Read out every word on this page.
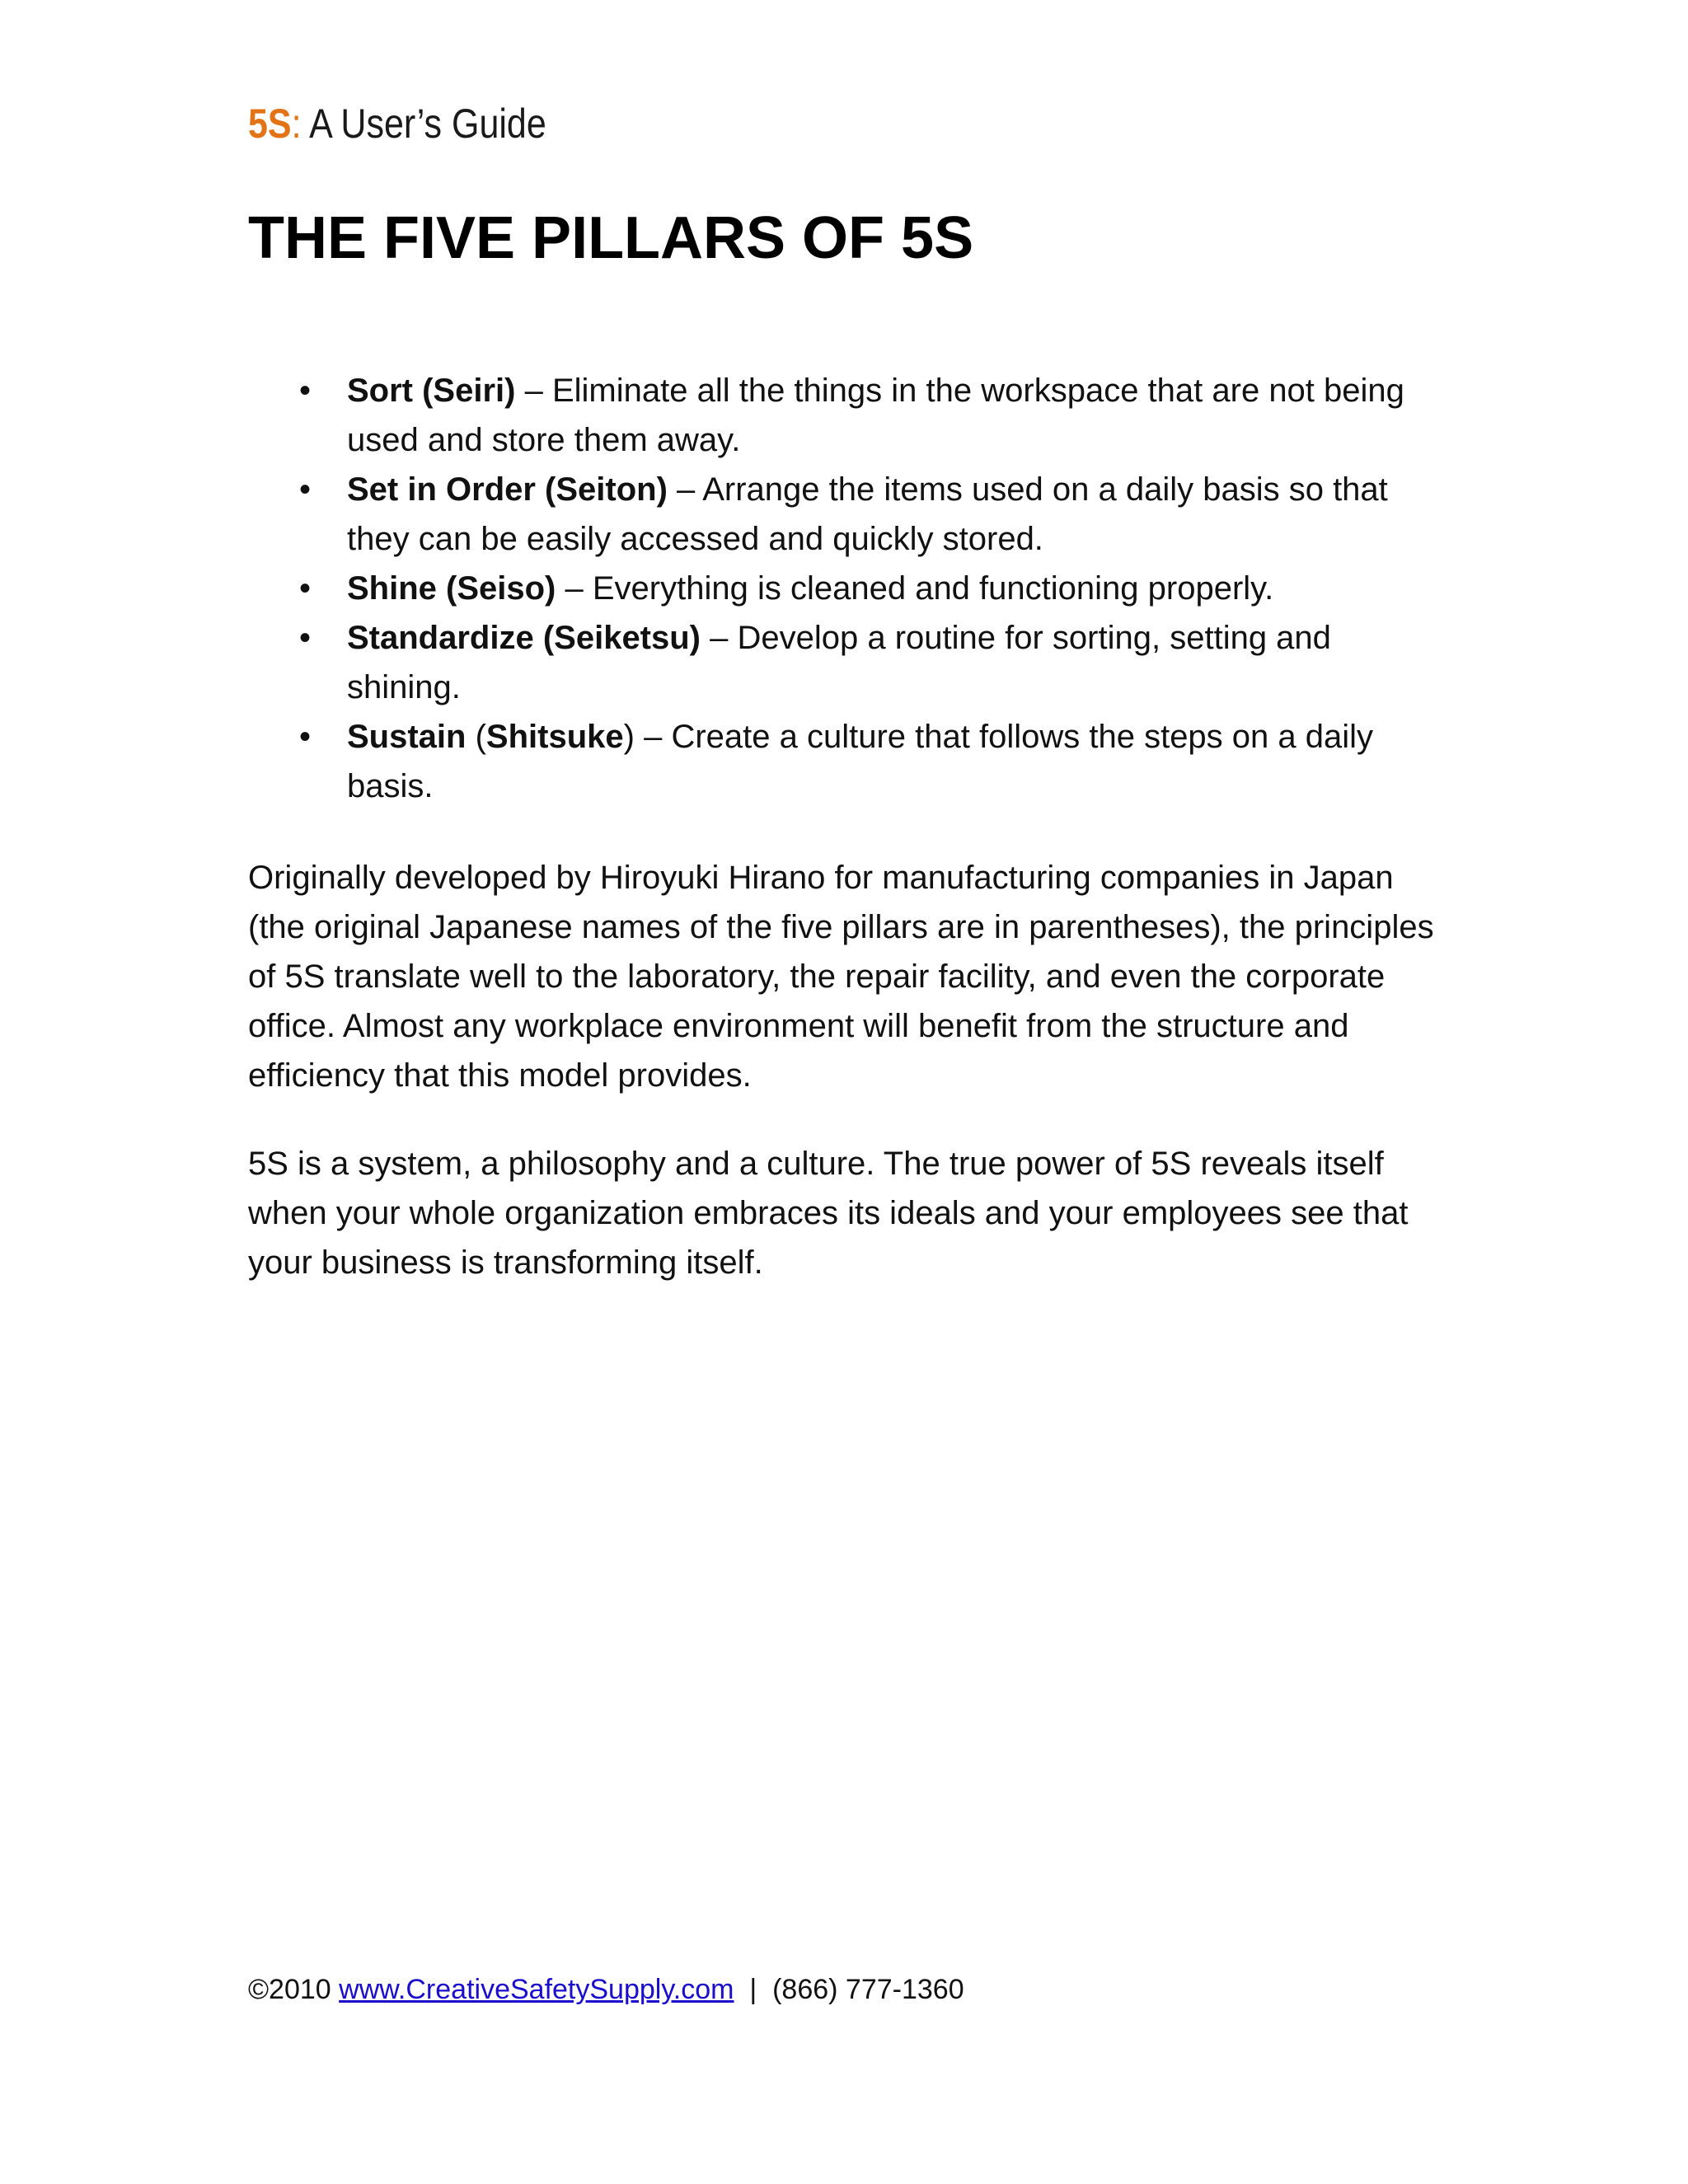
5S: A User’s Guide
THE FIVE PILLARS OF 5S
• Sort (Seiri) – Eliminate all the things in the workspace that are not being used and store them away.
• Set in Order (Seiton) – Arrange the items used on a daily basis so that they can be easily accessed and quickly stored.
• Shine (Seiso) – Everything is cleaned and functioning properly.
• Standardize (Seiketsu) – Develop a routine for sorting, setting and shining.
• Sustain (Shitsuke) – Create a culture that follows the steps on a daily basis.

Originally developed by Hiroyuki Hirano for manufacturing companies in Japan (the original Japanese names of the five pillars are in parentheses), the principles of 5S translate well to the laboratory, the repair facility, and even the corporate office. Almost any workplace environment will benefit from the structure and efficiency that this model provides.

5S is a system, a philosophy and a culture. The true power of 5S reveals itself when your whole organization embraces its ideals and your employees see that your business is transforming itself.

©2010 www.CreativeSafetySupply.com  |  (866) 777-1360
